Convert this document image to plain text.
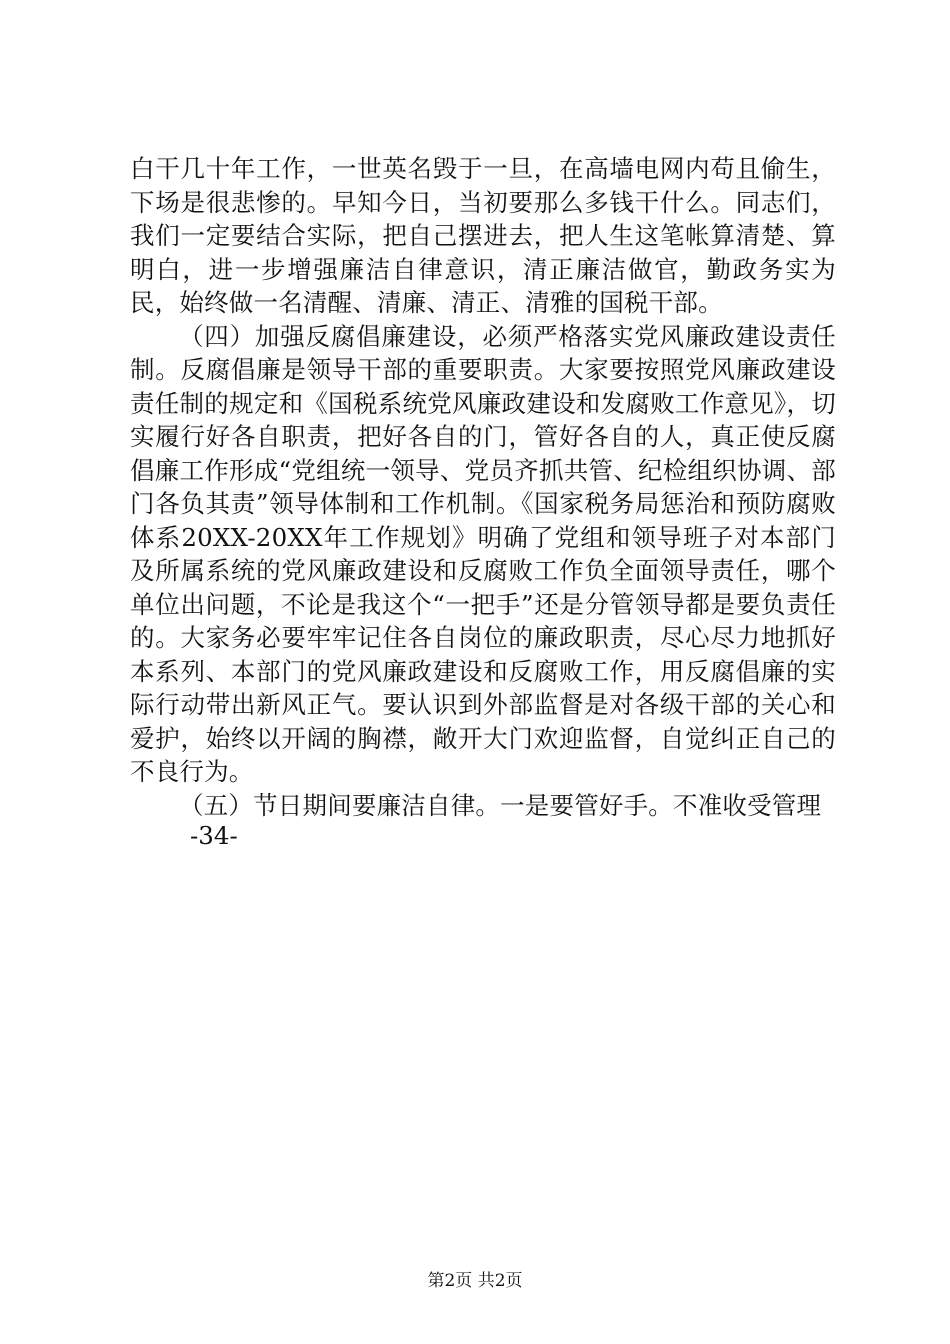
白干几十年工作，一世英名毁于一旦，在高墙电网内苟且偷生，下场是很悲惨的。早知今日，当初要那么多钱干什么。同志们，我们一定要结合实际，把自己摆进去，把人生这笔帐算清楚、算明白，进一步增强廉洁自律意识，清正廉洁做官，勤政务实为民，始终做一名清醒、清廉、清正、清雅的国税干部。

（四）加强反腐倡廉建设，必须严格落实党风廉政建设责任制。反腐倡廉是领导干部的重要职责。大家要按照党风廉政建设责任制的规定和《国税系统党风廉政建设和发腐败工作意见》，切实履行好各自职责，把好各自的门，管好各自的人，真正使反腐倡廉工作形成“党组统一领导、党员齐抓共管、纪检组织协调、部门各负其责”领导体制和工作机制。《国家税务局惩治和预防腐败体系20XX-20XX年工作规划》明确了党组和领导班子对本部门及所属系统的党风廉政建设和反腐败工作负全面领导责任，哪个单位出问题，不论是我这个“一把手”还是分管领导都是要负责任的。大家务必要牢牢记住各自岗位的廉政职责，尽心尽力地抓好本系列、本部门的党风廉政建设和反腐败工作，用反腐倡廉的实际行动带出新风正气。要认识到外部监督是对各级干部的关心和爱护，始终以开阔的胸襟，敞开大门欢迎监督，自觉纠正自己的不良行为。

（五）节日期间要廉洁自律。一是要管好手。不准收受管理

-34-
第2页 共2页
